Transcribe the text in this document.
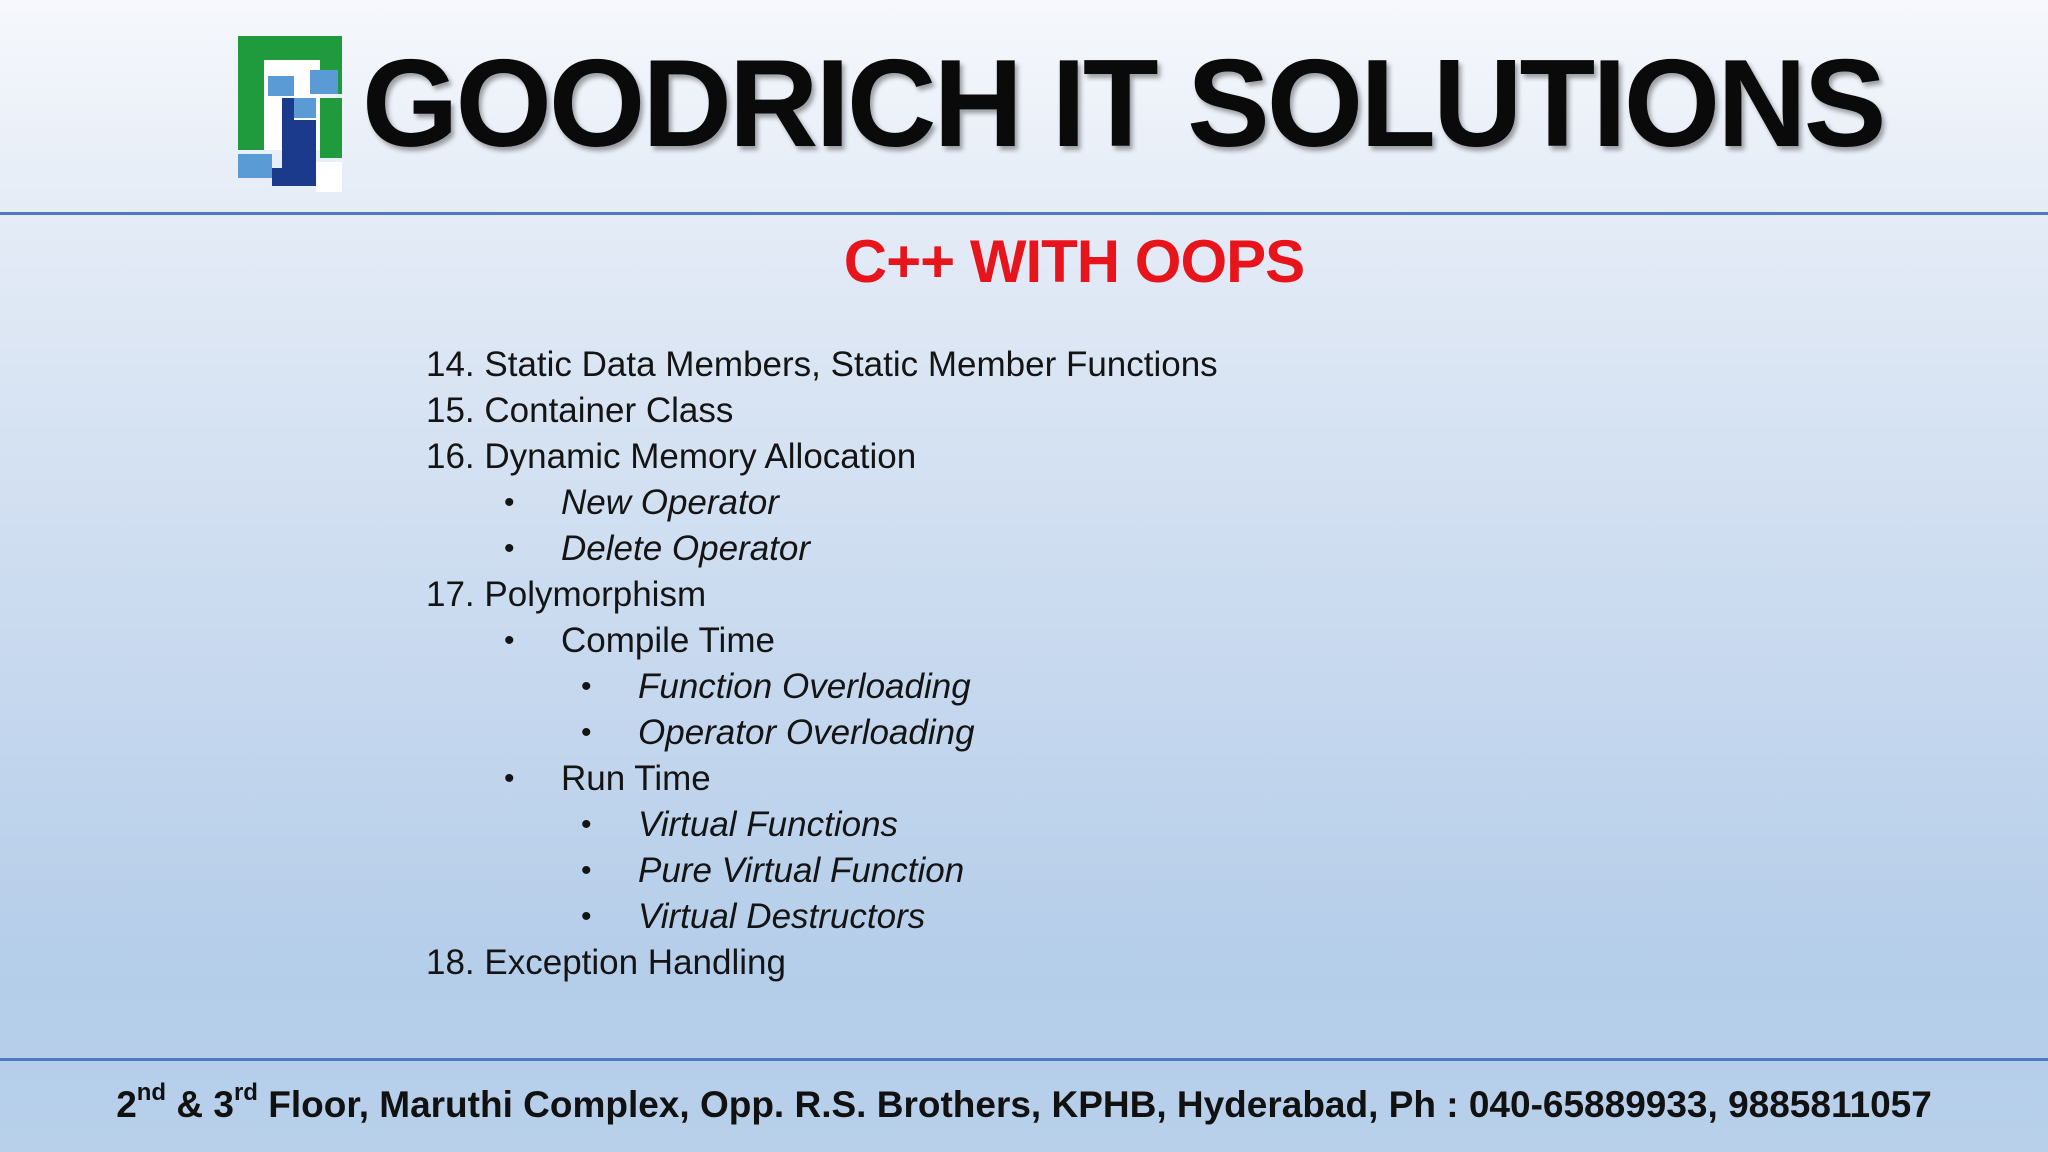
GOODRICH IT SOLUTIONS
C++ WITH OOPS
14. Static Data Members, Static Member Functions
15. Container Class
16. Dynamic Memory Allocation
• New Operator
• Delete Operator
17. Polymorphism
• Compile Time
• Function Overloading
• Operator Overloading
• Run Time
• Virtual Functions
• Pure Virtual Function
• Virtual Destructors
18. Exception Handling
2nd & 3rd Floor, Maruthi Complex, Opp. R.S. Brothers, KPHB, Hyderabad, Ph : 040-65889933, 9885811057
